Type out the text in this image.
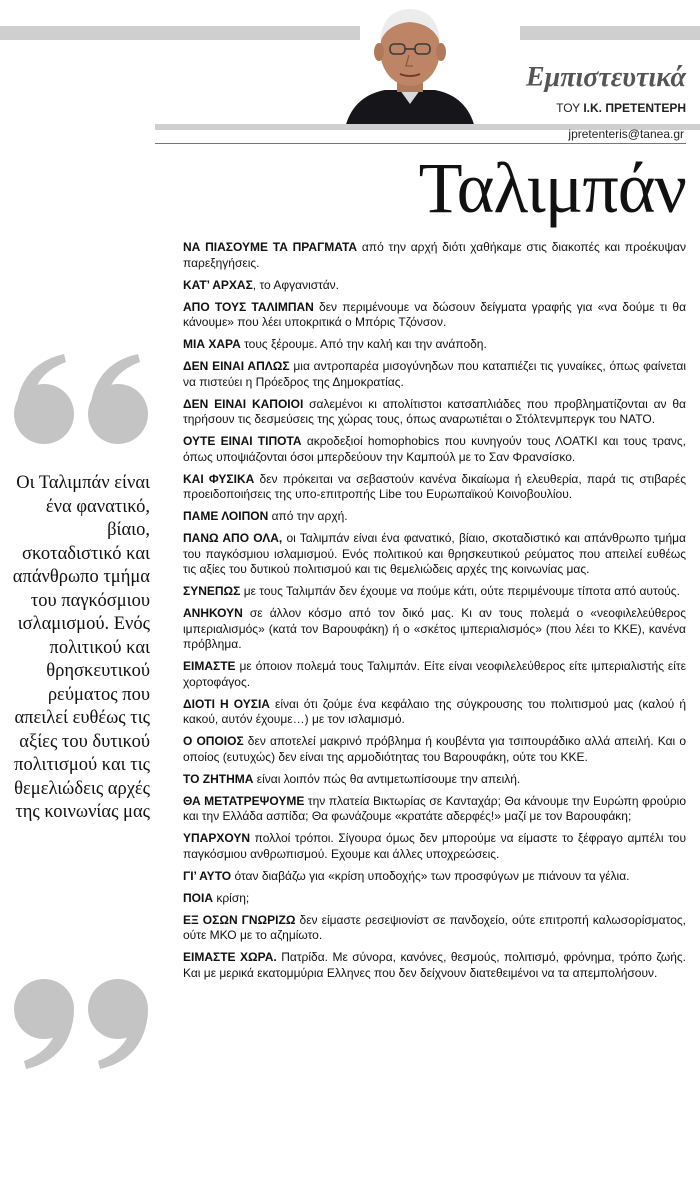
Εμπιστευτικά
ΤΟΥ Ι.Κ. ΠΡΕΤΕΝΤΕΡΗ
jpretenteris@tanea.gr
Ταλιμπάν
Οι Ταλιμπάν είναι ένα φανατικό, βίαιο, σκοταδιστικό και απάνθρωπο τμήμα του παγκόσμιου ισλαμισμού. Ενός πολιτικού και θρησκευτικού ρεύματος που απειλεί ευθέως τις αξίες του δυτικού πολιτισμού και τις θεμελιώδεις αρχές της κοινωνίας μας

ΝΑ ΠΙΑΣΟΥΜΕ ΤΑ ΠΡΑΓΜΑΤΑ από την αρχή διότι χαθήκαμε στις διακοπές και προέκυψαν παρεξηγήσεις.

ΚΑΤ’ ΑΡΧΑΣ, το Αφγανιστάν.

ΑΠΟ ΤΟΥΣ ΤΑΛΙΜΠΑΝ δεν περιμένουμε να δώσουν δείγματα γραφής για «να δούμε τι θα κάνουμε» που λέει υποκριτικά ο Μπόρις Τζόνσον.

ΜΙΑ ΧΑΡΑ τους ξέρουμε. Από την καλή και την ανάποδη.

ΔΕΝ ΕΙΝΑΙ ΑΠΛΩΣ μια αντροπαρέα μισογύνηδων που καταπιέζει τις γυναίκες, όπως φαίνεται να πιστεύει η Πρόεδρος της Δημοκρατίας.

ΔΕΝ ΕΙΝΑΙ ΚΑΠΟΙΟΙ σαλεμένοι κι απολίτιστοι κατσαπλιάδες που προβληματίζονται αν θα τηρήσουν τις δεσμεύσεις της χώρας τους, όπως αναρωτιέται ο Στόλτενμπεργκ του ΝΑΤΟ.

ΟΥΤΕ ΕΙΝΑΙ ΤΙΠΟΤΑ ακροδεξιοί homophobics που κυνηγούν τους ΛΟΑΤΚΙ και τους τρανς, όπως υποψιάζονται όσοι μπερδεύουν την Καμπούλ με το Σαν Φρανσίσκο.

ΚΑΙ ΦΥΣΙΚΑ δεν πρόκειται να σεβαστούν κανένα δικαίωμα ή ελευθερία, παρά τις στιβαρές προειδοποιήσεις της υπο-επιτροπής Libe του Ευρωπαϊκού Κοινοβουλίου.

ΠΑΜΕ ΛΟΙΠΟΝ από την αρχή.

ΠΑΝΩ ΑΠΟ ΟΛΑ, οι Ταλιμπάν είναι ένα φανατικό, βίαιο, σκοταδιστικό και απάνθρωπο τμήμα του παγκόσμιου ισλαμισμού. Ενός πολιτικού και θρησκευτικού ρεύματος που απειλεί ευθέως τις αξίες του δυτικού πολιτισμού και τις θεμελιώδεις αρχές της κοινωνίας μας.

ΣΥΝΕΠΩΣ με τους Ταλιμπάν δεν έχουμε να πούμε κάτι, ούτε περιμένουμε τίποτα από αυτούς.

ΑΝΗΚΟΥΝ σε άλλον κόσμο από τον δικό μας. Κι αν τους πολεμά ο «νεοφιλελεύθερος ιμπεριαλισμός» (κατά τον Βαρουφάκη) ή ο «σκέτος ιμπεριαλισμός» (που λέει το ΚΚΕ), κανένα πρόβλημα.

ΕΙΜΑΣΤΕ με όποιον πολεμά τους Ταλιμπάν. Είτε είναι νεοφιλελεύθερος είτε ιμπεριαλιστής είτε χορτοφάγος.

ΔΙΟΤΙ Η ΟΥΣΙΑ είναι ότι ζούμε ένα κεφάλαιο της σύγκρουσης του πολιτισμού μας (καλού ή κακού, αυτόν έχουμε…) με τον ισλαμισμό.

Ο ΟΠΟΙΟΣ δεν αποτελεί μακρινό πρόβλημα ή κουβέντα για τσιπουράδικο αλλά απειλή. Και ο οποίος (ευτυχώς) δεν είναι της αρμοδιότητας του Βαρουφάκη, ούτε του ΚΚΕ.

ΤΟ ΖΗΤΗΜΑ είναι λοιπόν πώς θα αντιμετωπίσουμε την απειλή.

ΘΑ ΜΕΤΑΤΡΕΨΟΥΜΕ την πλατεία Βικτωρίας σε Κανταχάρ; Θα κάνουμε την Ευρώπη φρούριο και την Ελλάδα ασπίδα; Θα φωνάζουμε «κρατάτε αδερφές!» μαζί με τον Βαρουφάκη;

ΥΠΑΡΧΟΥΝ πολλοί τρόποι. Σίγουρα όμως δεν μπορούμε να είμαστε το ξέφραγο αμπέλι του παγκόσμιου ανθρωπισμού. Εχουμε και άλλες υποχρεώσεις.

ΓΙ’ ΑΥΤΟ όταν διαβάζω για «κρίση υποδοχής» των προσφύγων με πιάνουν τα γέλια.

ΠΟΙΑ κρίση;

ΕΞ ΟΣΩΝ ΓΝΩΡΙΖΩ δεν είμαστε ρεσεψιονίστ σε πανδοχείο, ούτε επιτροπή καλωσορίσματος, ούτε ΜΚΟ με το αζημίωτο.

ΕΙΜΑΣΤΕ ΧΩΡΑ. Πατρίδα. Με σύνορα, κανόνες, θεσμούς, πολιτισμό, φρόνημα, τρόπο ζωής. Και με μερικά εκατομμύρια Ελληνες που δεν δείχνουν διατεθειμένοι να τα απεμπολήσουν.
